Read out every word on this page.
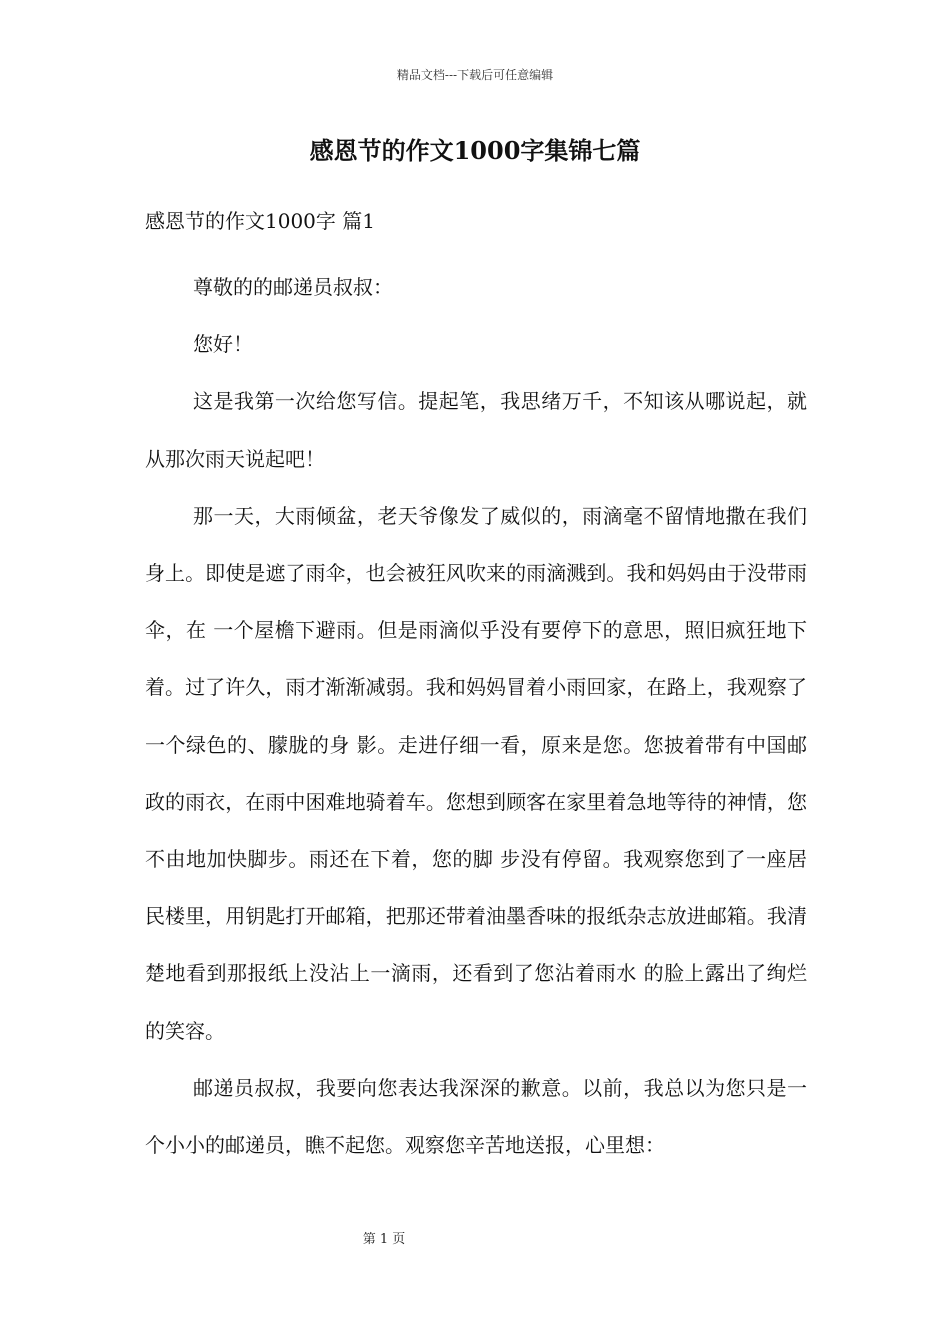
精品文档---下载后可任意编辑
感恩节的作文1000字集锦七篇
感恩节的作文1000字 篇1

尊敬的的邮递员叔叔：

您好！

这是我第一次给您写信。提起笔，我思绪万千，不知该从哪说起，就从那次雨天说起吧！

那一天，大雨倾盆，老天爷像发了威似的，雨滴毫不留情地撒在我们身上。即使是遮了雨伞，也会被狂风吹来的雨滴溅到。我和妈妈由于没带雨伞，在 一个屋檐下避雨。但是雨滴似乎没有要停下的意思，照旧疯狂地下着。过了许久，雨才渐渐减弱。我和妈妈冒着小雨回家，在路上，我观察了一个绿色的、朦胧的身 影。走进仔细一看，原来是您。您披着带有中国邮政的雨衣，在雨中困难地骑着车。您想到顾客在家里着急地等待的神情，您不由地加快脚步。雨还在下着，您的脚 步没有停留。我观察您到了一座居民楼里，用钥匙打开邮箱，把那还带着油墨香味的报纸杂志放进邮箱。我清楚地看到那报纸上没沾上一滴雨，还看到了您沾着雨水 的脸上露出了绚烂的笑容。

邮递员叔叔，我要向您表达我深深的歉意。以前，我总以为您只是一个小小的邮递员，瞧不起您。观察您辛苦地送报，心里想：

第 1 页
